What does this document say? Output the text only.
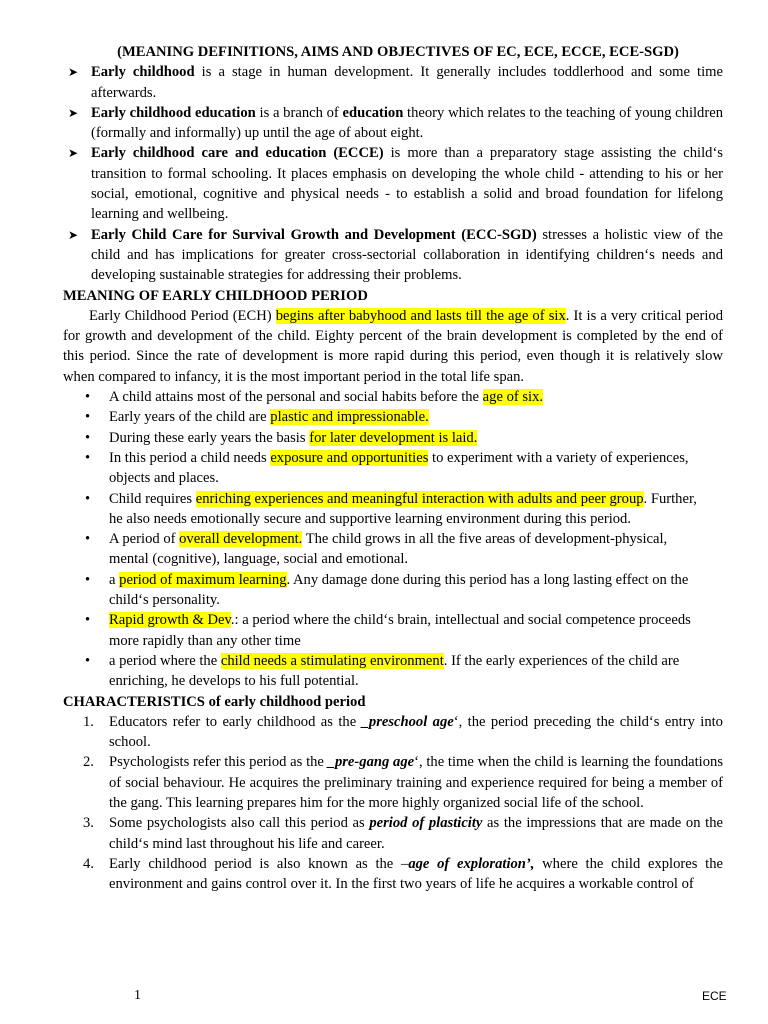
(MEANING DEFINITIONS, AIMS AND OBJECTIVES OF EC, ECE, ECCE, ECE-SGD)
➤ Early childhood is a stage in human development. It generally includes toddlerhood and some time afterwards.
➤ Early childhood education is a branch of education theory which relates to the teaching of young children (formally and informally) up until the age of about eight.
➤ Early childhood care and education (ECCE) is more than a preparatory stage assisting the child‘s transition to formal schooling. It places emphasis on developing the whole child - attending to his or her social, emotional, cognitive and physical needs - to establish a solid and broad foundation for lifelong learning and wellbeing.
➤ Early Child Care for Survival Growth and Development (ECC-SGD) stresses a holistic view of the child and has implications for greater cross-sectorial collaboration in identifying children‘s needs and developing sustainable strategies for addressing their problems.
MEANING OF EARLY CHILDHOOD PERIOD
Early Childhood Period (ECH) begins after babyhood and lasts till the age of six. It is a very critical period for growth and development of the child. Eighty percent of the brain development is completed by the end of this period. Since the rate of development is more rapid during this period, even though it is relatively slow when compared to infancy, it is the most important period in the total life span.
• A child attains most of the personal and social habits before the age of six.
• Early years of the child are plastic and impressionable.
• During these early years the basis for later development is laid.
• In this period a child needs exposure and opportunities to experiment with a variety of experiences, objects and places.
• Child requires enriching experiences and meaningful interaction with adults and peer group. Further, he also needs emotionally secure and supportive learning environment during this period.
• A period of overall development. The child grows in all the five areas of development-physical, mental (cognitive), language, social and emotional.
• a period of maximum learning. Any damage done during this period has a long lasting effect on the child‘s personality.
• Rapid growth & Dev.: a period where the child‘s brain, intellectual and social competence proceeds more rapidly than any other time
• a period where the child needs a stimulating environment. If the early experiences of the child are enriching, he develops to his full potential.
CHARACTERISTICS of early childhood period
1. Educators refer to early childhood as the _preschool age‘, the period preceding the child‘s entry into school.
2. Psychologists refer this period as the _pre-gang age‘, the time when the child is learning the foundations of social behaviour. He acquires the preliminary training and experience required for being a member of the gang. This learning prepares him for the more highly organized social life of the school.
3. Some psychologists also call this period as period of plasticity as the impressions that are made on the child‘s mind last throughout his life and career.
4. Early childhood period is also known as the –age of exploration’, where the child explores the environment and gains control over it. In the first two years of life he acquires a workable control of
1	ECE
